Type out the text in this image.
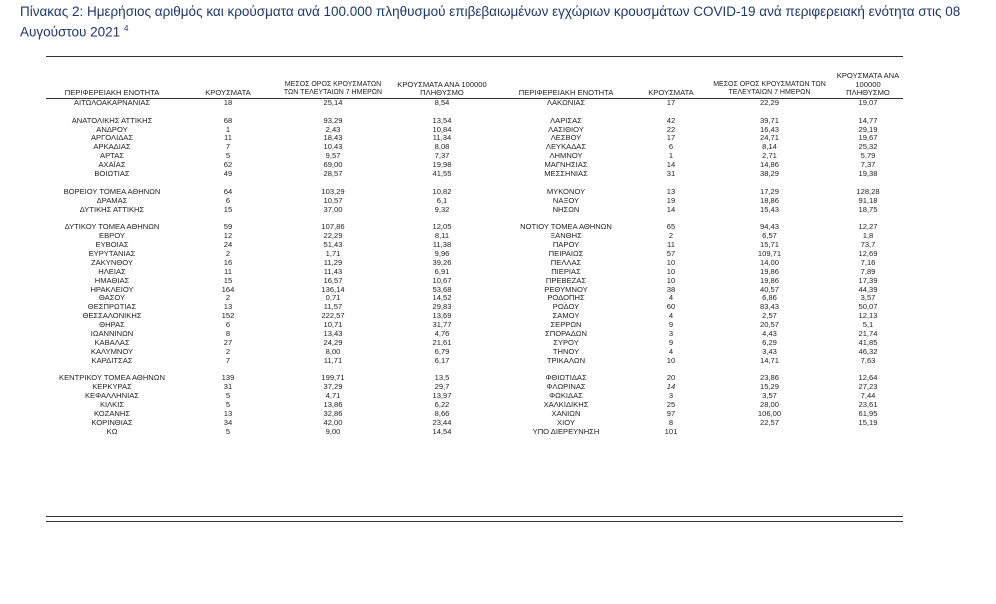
Πίνακας 2: Ημερήσιος αριθμός και κρούσματα ανά 100.000 πληθυσμού επιβεβαιωμένων εγχώριων κρουσμάτων COVID-19 ανά περιφερειακή ενότητα στις 08 Αυγούστου 2021 $^4$
ΠΕΡΙΦΕΡΕΙΑΚΗ ΕΝΟΤΗΤΑ	ΚΡΟΥΣΜΑΤΑ	ΜΕΣΟΣ ΟΡΟΣ ΚΡΟΥΣΜΑΤΩΝ ΤΩΝ ΤΕΛΕΥΤΑΙΩΝ 7 ΗΜΕΡΩΝ	ΚΡΟΥΣΜΑΤΑ ΑΝΑ 100000 ΠΛΗΘΥΣΜΟ	ΠΕΡΙΦΕΡΕΙΑΚΗ ΕΝΟΤΗΤΑ	ΚΡΟΥΣΜΑΤΑ	ΜΕΣΟΣ ΟΡΟΣ ΚΡΟΥΣΜΑΤΩΝ ΤΩΝ ΤΕΛΕΥΤΑΙΩΝ 7 ΗΜΕΡΩΝ	ΚΡΟΥΣΜΑΤΑ ΑΝΑ 100000 ΠΛΗΘΥΣΜΟ
ΑΙΤΩΛΟΑΚΑΡΝΑΝΙΑΣ	18	25,14	8,54	ΛΑΚΩΝΙΑΣ	17	22,29	19,07

ΑΝΑΤΟΛΙΚΗΣ ΑΤΤΙΚΗΣ	68	93,29	13,54	ΛΑΡΙΣΑΣ	42	39,71	14,77
ΑΝΔΡΟΥ	1	2,43	10,84	ΛΑΣΙΘΙΟΥ	22	16,43	29,19
ΑΡΓΟΛΙΔΑΣ	11	18,43	11,34	ΛΕΣΒΟΥ	17	24,71	19,67
ΑΡΚΑΔΙΑΣ	7	10,43	8,08	ΛΕΥΚΑΔΑΣ	6	8,14	25,32
ΑΡΤΑΣ	5	9,57	7,37	ΛΗΜΝΟΥ	1	2,71	5,79
ΑΧΑΪΑΣ	62	69,00	19,98	ΜΑΓΝΗΣΙΑΣ	14	14,86	7,37
ΒΟΙΩΤΙΑΣ	49	28,57	41,55	ΜΕΣΣΗΝΙΑΣ	31	38,29	19,38

ΒΟΡΕΙΟΥ ΤΟΜΕΑ ΑΘΗΝΩΝ	64	103,29	10,82	ΜΥΚΟΝΟΥ	13	17,29	128,28
ΔΡΑΜΑΣ	6	10,57	6,1	ΝΑΞΟΥ	19	18,86	91,18
ΔΥΤΙΚΗΣ ΑΤΤΙΚΗΣ	15	37,00	9,32	ΝΗΣΩΝ	14	15,43	18,75

ΔΥΤΙΚΟΥ ΤΟΜΕΑ ΑΘΗΝΩΝ	59	107,86	12,05	ΝΟΤΙΟΥ ΤΟΜΕΑ ΑΘΗΝΩΝ	65	94,43	12,27
ΕΒΡΟΥ	12	22,29	8,11	ΞΑΝΘΗΣ	2	6,57	1,8
ΕΥΒΟΙΑΣ	24	51,43	11,38	ΠΑΡΟΥ	11	15,71	73,7
ΕΥΡΥΤΑΝΙΑΣ	2	1,71	9,96	ΠΕΙΡΑΙΩΣ	57	109,71	12,69
ΖΑΚΥΝΘΟΥ	16	11,29	39,26	ΠΕΛΛΑΣ	10	14,00	7,16
ΗΛΕΙΑΣ	11	11,43	6,91	ΠΙΕΡΙΑΣ	10	19,86	7,89
ΗΜΑΘΙΑΣ	15	16,57	10,67	ΠΡΕΒΕΖΑΣ	10	19,86	17,39
ΗΡΑΚΛΕΙΟΥ	164	136,14	53,68	ΡΕΘΥΜΝΟΥ	38	40,57	44,39
ΘΑΣΟΥ	2	0,71	14,52	ΡΟΔΟΠΗΣ	4	6,86	3,57
ΘΕΣΠΡΩΤΙΑΣ	13	11,57	29,83	ΡΟΔΟΥ	60	83,43	50,07
ΘΕΣΣΑΛΟΝΙΚΗΣ	152	222,57	13,69	ΣΑΜΟΥ	4	2,57	12,13
ΘΗΡΑΣ	6	10,71	31,77	ΣΕΡΡΩΝ	9	20,57	5,1
ΙΩΑΝΝΙΝΩΝ	8	13,43	4,76	ΣΠΟΡΑΔΩΝ	3	4,43	21,74
ΚΑΒΑΛΑΣ	27	24,29	21,61	ΣΥΡΟΥ	9	6,29	41,85
ΚΑΛΥΜΝΟΥ	2	8,00	6,79	ΤΗΝΟΥ	4	3,43	46,32
ΚΑΡΔΙΤΣΑΣ	7	11,71	6,17	ΤΡΙΚΑΛΩΝ	10	14,71	7,63

ΚΕΝΤΡΙΚΟΥ ΤΟΜΕΑ ΑΘΗΝΩΝ	139	199,71	13,5	ΦΘΙΩΤΙΔΑΣ	20	23,86	12,64
ΚΕΡΚΥΡΑΣ	31	37,29	29,7	ΦΛΩΡΙΝΑΣ	14	15,29	27,23
ΚΕΦΑΛΛΗΝΙΑΣ	5	4,71	13,97	ΦΩΚΙΔΑΣ	3	3,57	7,44
ΚΙΛΚΙΣ	5	13,86	6,22	ΧΑΛΚΙΔΙΚΗΣ	25	28,00	23,61
ΚΟΖΑΝΗΣ	13	32,86	8,66	ΧΑΝΙΩΝ	97	106,00	61,95
ΚΟΡΙΝΘΙΑΣ	34	42,00	23,44	ΧΙΟΥ	8	22,57	15,19
ΚΩ	5	9,00	14,54	ΥΠΟ ΔΙΕΡΕΥΝΗΣΗ	101		
